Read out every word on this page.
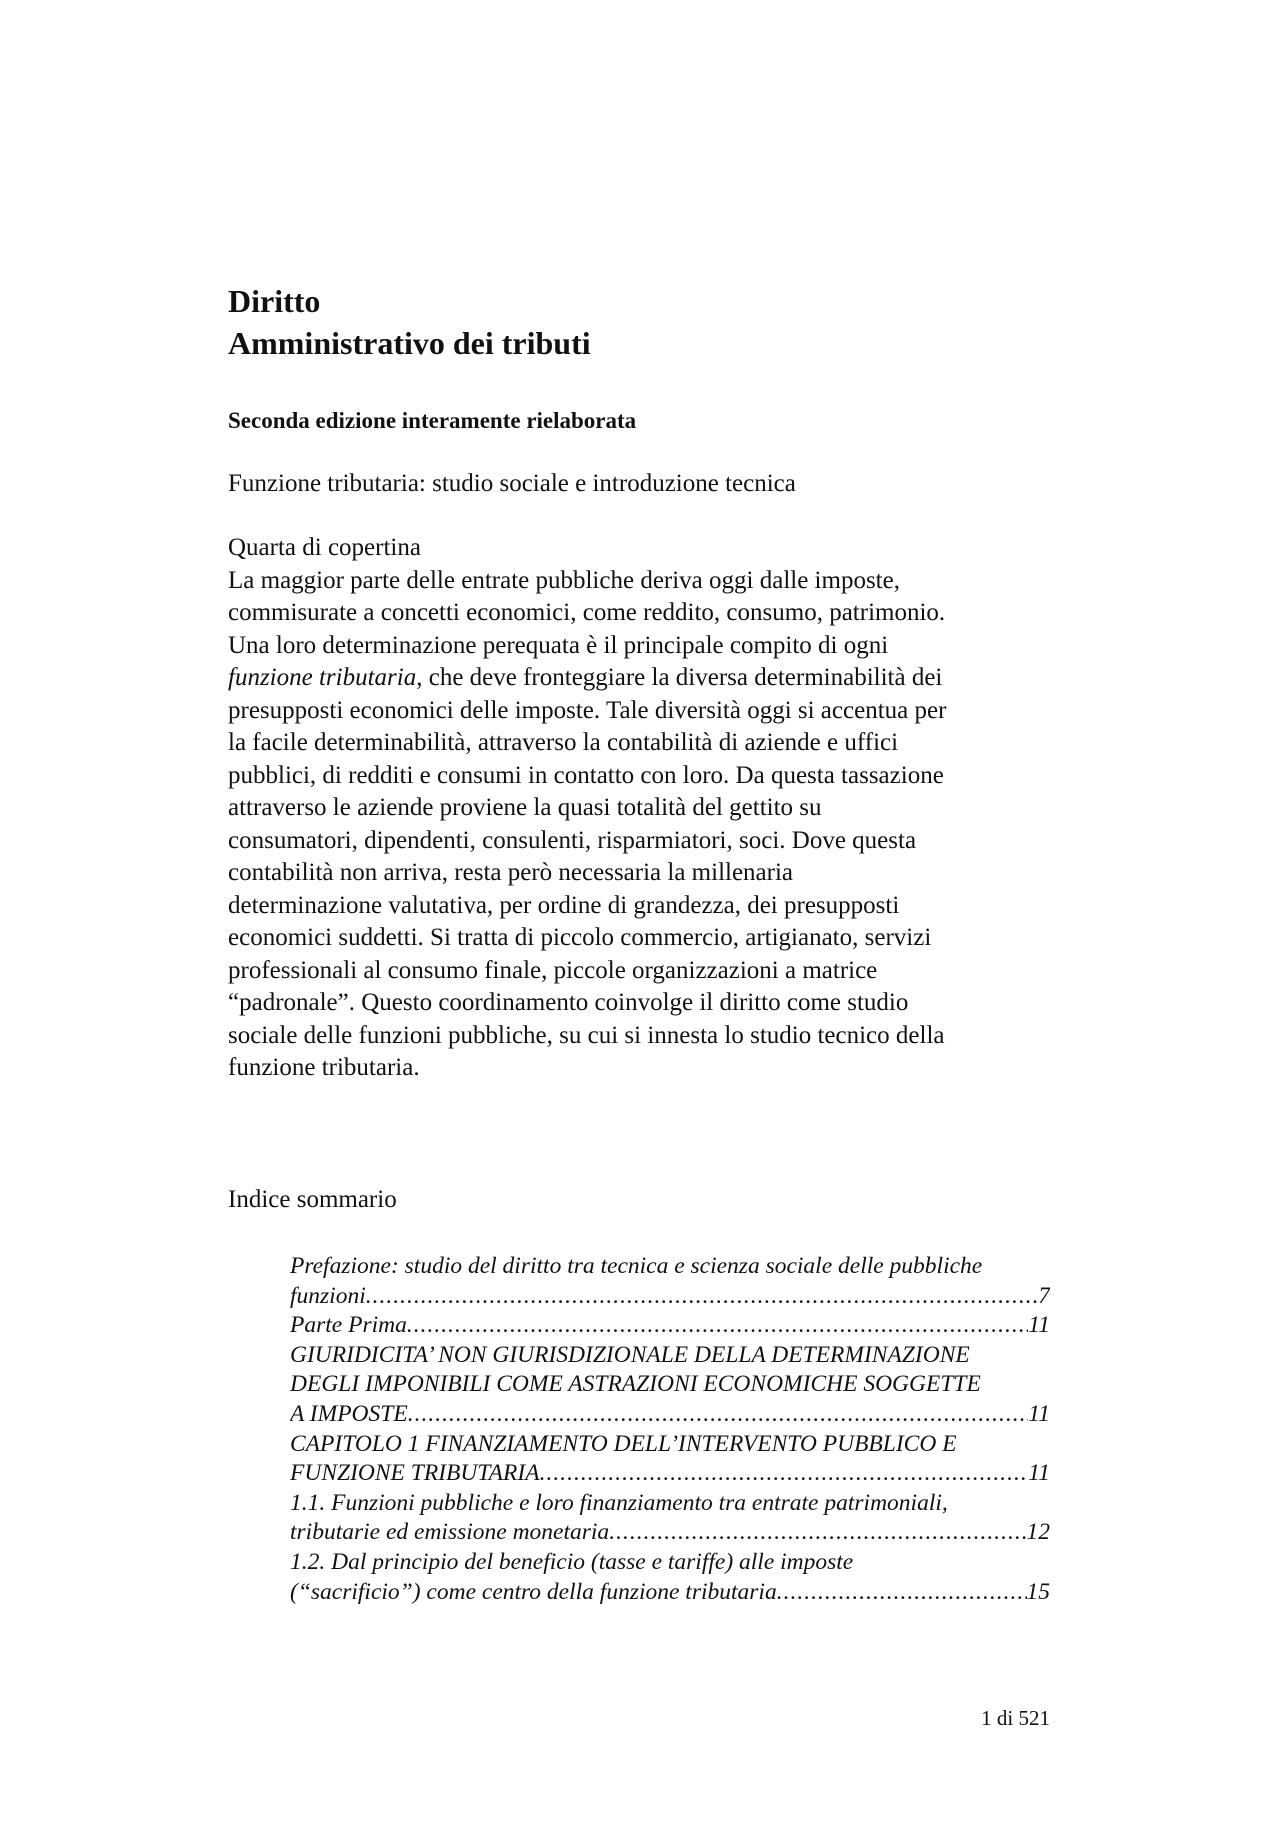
Diritto
Amministrativo dei tributi
Seconda edizione interamente rielaborata
Funzione tributaria: studio sociale e introduzione tecnica
Quarta di copertina
La maggior parte delle entrate pubbliche deriva oggi dalle imposte,
commisurate a concetti economici, come reddito, consumo, patrimonio.
Una loro determinazione perequata è il principale compito di ogni
funzione tributaria, che deve fronteggiare la diversa determinabilità dei
presupposti economici delle imposte. Tale diversità oggi si accentua per
la facile determinabilità, attraverso la contabilità di aziende e uffici
pubblici, di redditi e consumi in contatto con loro. Da questa tassazione
attraverso le aziende proviene la quasi totalità del gettito su
consumatori, dipendenti, consulenti, risparmiatori, soci. Dove questa
contabilità non arriva, resta però necessaria la millenaria
determinazione valutativa, per ordine di grandezza, dei presupposti
economici suddetti. Si tratta di piccolo commercio, artigianato, servizi
professionali al consumo finale, piccole organizzazioni a matrice
“padronale”. Questo coordinamento coinvolge il diritto come studio
sociale delle funzioni pubbliche, su cui si innesta lo studio tecnico della
funzione tributaria.
Indice sommario
Prefazione: studio del diritto tra tecnica e scienza sociale delle pubbliche
funzioni .....	7
Parte Prima .....	11
GIURIDICITA’ NON GIURISDIZIONALE DELLA DETERMINAZIONE
DEGLI IMPONIBILI COME ASTRAZIONI ECONOMICHE SOGGETTE
A IMPOSTE .....	11
CAPITOLO 1 FINANZIAMENTO DELL’INTERVENTO PUBBLICO E
FUNZIONE TRIBUTARIA .....	11
1.1. Funzioni pubbliche e loro finanziamento tra entrate patrimoniali,
tributarie ed emissione monetaria .....	12
1.2. Dal principio del beneficio (tasse e tariffe) alle imposte
(“sacrificio”) come centro della funzione tributaria .....	15
1 di 521
